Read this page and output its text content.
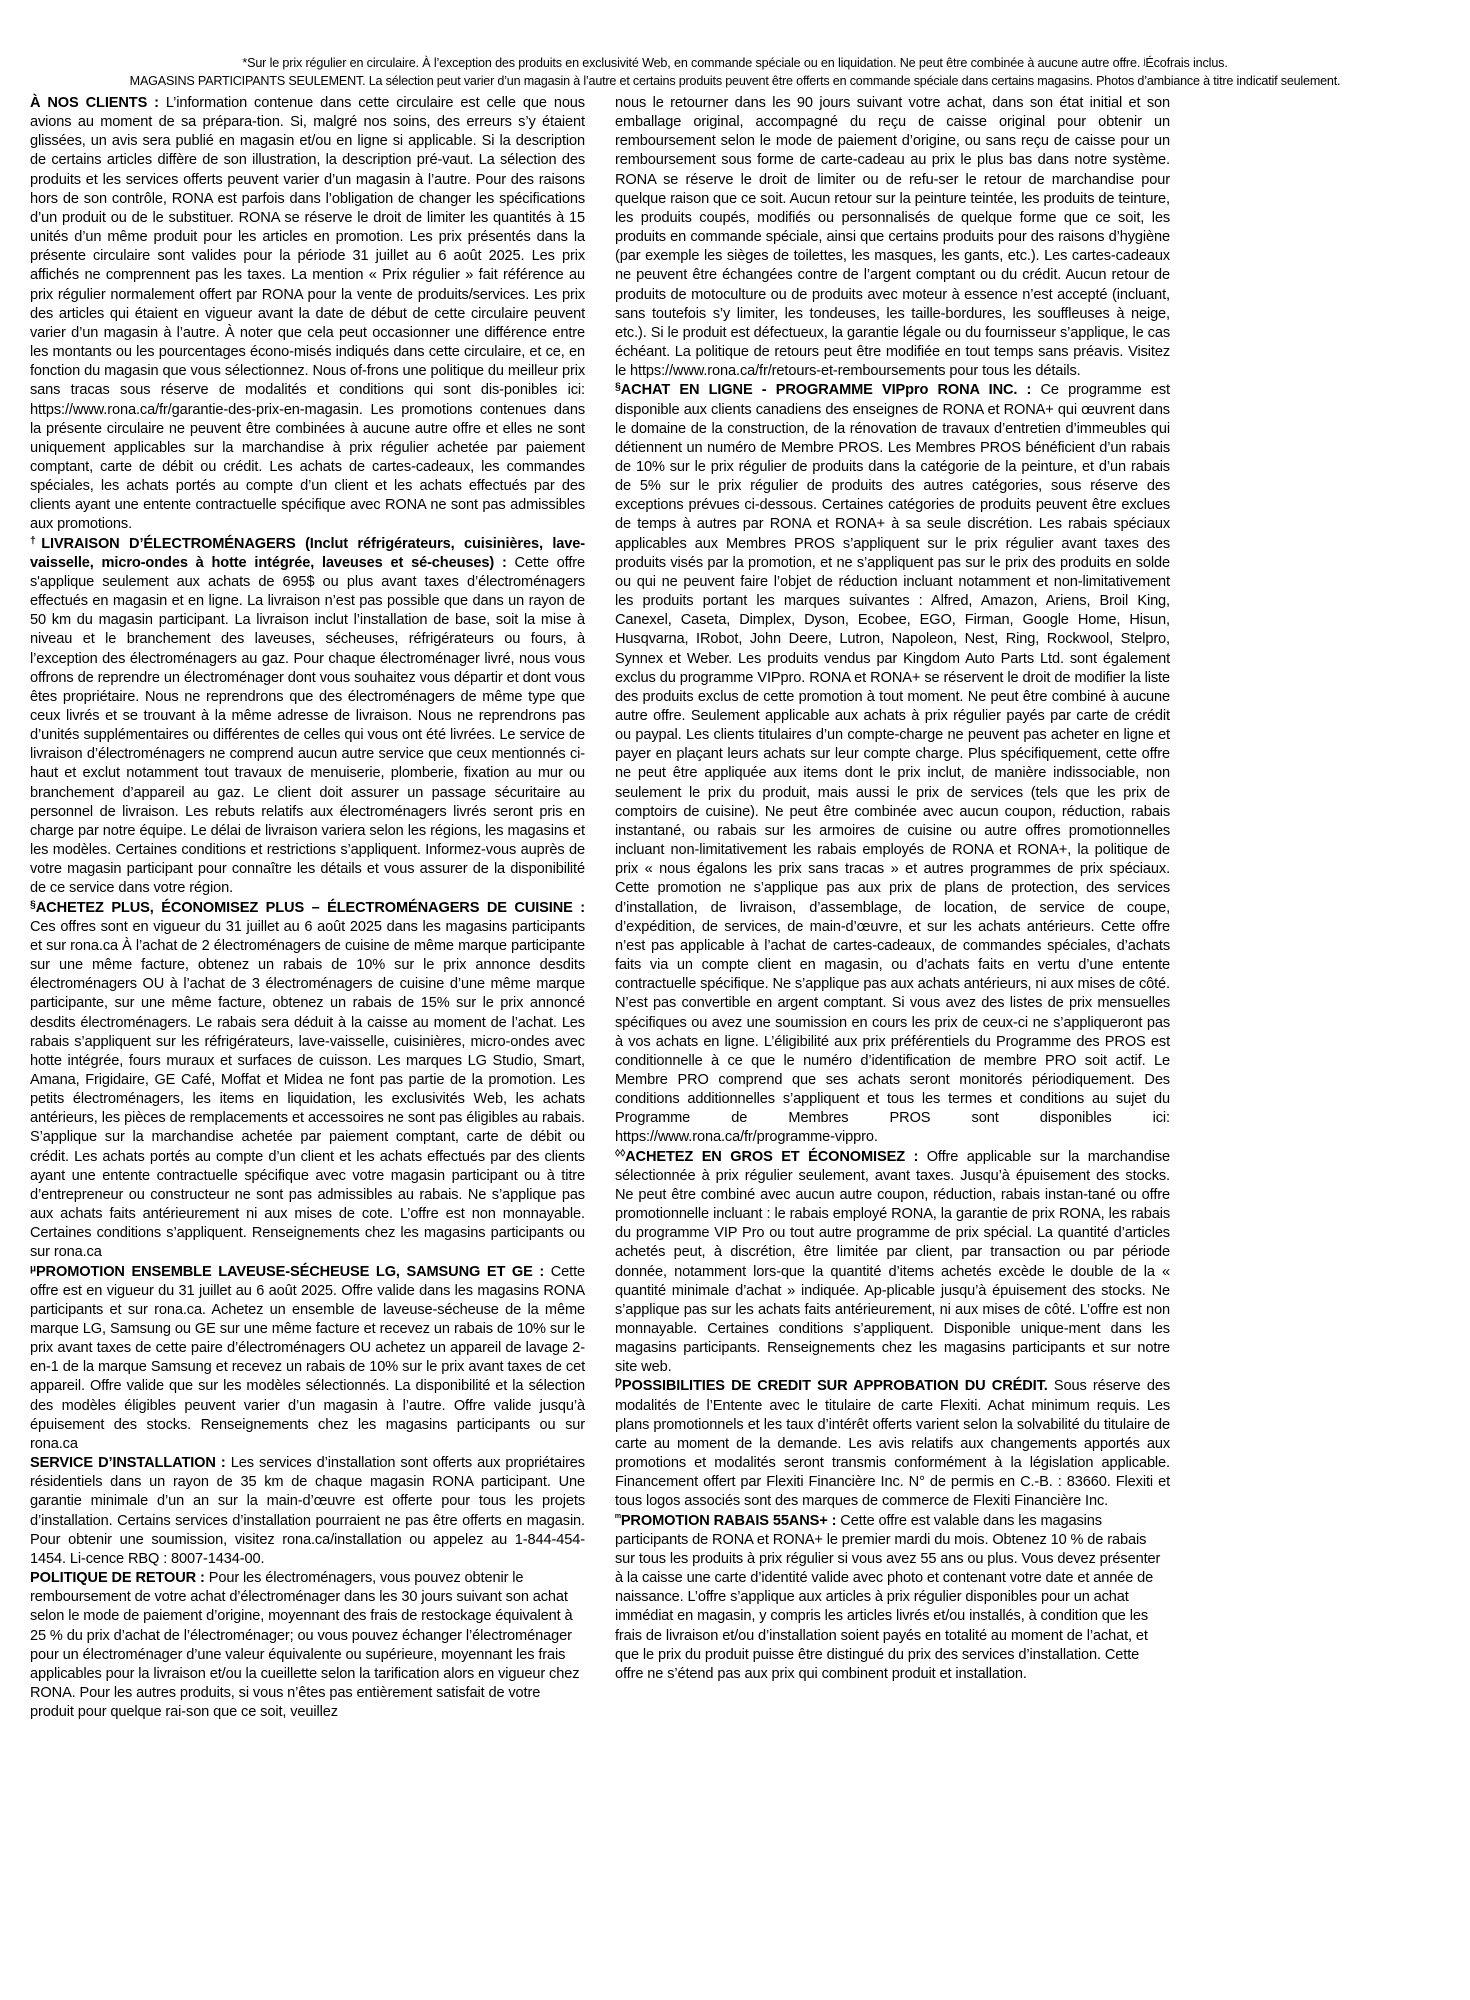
*Sur le prix régulier en circulaire. À l’exception des produits en exclusivité Web, en commande spéciale ou en liquidation. Ne peut être combinée à aucune autre offre. ʲÉcofrais inclus.
MAGASINS PARTICIPANTS SEULEMENT. La sélection peut varier d’un magasin à l’autre et certains produits peuvent être offerts en commande spéciale dans certains magasins. Photos d’ambiance à titre indicatif seulement.

À NOS CLIENTS : L’information contenue dans cette circulaire est celle que nous avions au moment de sa prépara-tion. Si, malgré nos soins, des erreurs s’y étaient glissées, un avis sera publié en magasin et/ou en ligne si applicable. Si la description de certains articles diffère de son illustration, la description pré-vaut. La sélection des produits et les services offerts peuvent varier d’un magasin à l’autre. Pour des raisons hors de son contrôle, RONA est parfois dans l’obligation de changer les spécifications d’un produit ou de le substituer. RONA se réserve le droit de limiter les quantités à 15 unités d’un même produit pour les articles en promotion. Les prix présentés dans la présente circulaire sont valides pour la période 31 juillet au 6 août 2025. Les prix affichés ne comprennent pas les taxes. La mention « Prix régulier » fait référence au prix régulier normalement offert par RONA pour la vente de produits/services. Les prix des articles qui étaient en vigueur avant la date de début de cette circulaire peuvent varier d’un magasin à l’autre. À noter que cela peut occasionner une différence entre les montants ou les pourcentages écono-misés indiqués dans cette circulaire, et ce, en fonction du magasin que vous sélectionnez. Nous of-frons une politique du meilleur prix sans tracas sous réserve de modalités et conditions qui sont dis-ponibles ici: https://www.rona.ca/fr/garantie-des-prix-en-magasin. Les promotions contenues dans la présente circulaire ne peuvent être combinées à aucune autre offre et elles ne sont uniquement applicables sur la marchandise à prix régulier achetée par paiement comptant, carte de débit ou crédit. Les achats de cartes-cadeaux, les commandes spéciales, les achats portés au compte d’un client et les achats effectués par des clients ayant une entente contractuelle spécifique avec RONA ne sont pas admissibles aux promotions.

†LIVRAISON D’ÉLECTROMÉNAGERS (Inclut réfrigérateurs, cuisinières, lave-vaisselle, micro-ondes à hotte intégrée, laveuses et sé-cheuses) : Cette offre s'applique seulement aux achats de 695$ ou plus avant taxes d’électroménagers effectués en magasin et en ligne. La livraison n’est pas possible que dans un rayon de 50 km du magasin participant. La livraison inclut l’installation de base, soit la mise à niveau et le branchement des laveuses, sécheuses, réfrigérateurs ou fours, à l’exception des électroménagers au gaz. Pour chaque électroménager livré, nous vous offrons de reprendre un électroménager dont vous souhaitez vous départir et dont vous êtes propriétaire. Nous ne reprendrons que des électroménagers de même type que ceux livrés et se trouvant à la même adresse de livraison. Nous ne reprendrons pas d’unités supplémentaires ou différentes de celles qui vous ont été livrées. Le service de livraison d’électroménagers ne comprend aucun autre service que ceux mentionnés ci-haut et exclut notamment tout travaux de menuiserie, plomberie, fixation au mur ou branchement d’appareil au gaz. Le client doit assurer un passage sécuritaire au personnel de livraison. Les rebuts relatifs aux électroménagers livrés seront pris en charge par notre équipe. Le délai de livraison variera selon les régions, les magasins et les modèles. Certaines conditions et restrictions s’appliquent. Informez-vous auprès de votre magasin participant pour connaître les détails et vous assurer de la disponibilité de ce service dans votre région.

§ACHETEZ PLUS, ÉCONOMISEZ PLUS – ÉLECTROMÉNAGERS DE CUISINE : Ces offres sont en vigueur du 31 juillet au 6 août 2025 dans les magasins participants et sur rona.ca À l’achat de 2 électroménagers de cuisine de même marque participante sur une même facture, obtenez un rabais de 10% sur le prix annonce desdits électroménagers OU à l’achat de 3 électroménagers de cuisine d’une même marque participante, sur une même facture, obtenez un rabais de 15% sur le prix annoncé desdits électroménagers. Le rabais sera déduit à la caisse au moment de l’achat. Les rabais s’appliquent sur les réfrigérateurs, lave-vaisselle, cuisinières, micro-ondes avec hotte intégrée, fours muraux et surfaces de cuisson. Les marques LG Studio, Smart, Amana, Frigidaire, GE Café, Moffat et Midea ne font pas partie de la promotion. Les petits électroménagers, les items en liquidation, les exclusivités Web, les achats antérieurs, les pièces de remplacements et accessoires ne sont pas éligibles au rabais. S’applique sur la marchandise achetée par paiement comptant, carte de débit ou crédit. Les achats portés au compte d’un client et les achats effectués par des clients ayant une entente contractuelle spécifique avec votre magasin participant ou à titre d’entrepreneur ou constructeur ne sont pas admissibles au rabais. Ne s’applique pas aux achats faits antérieurement ni aux mises de cote. L’offre est non monnayable. Certaines conditions s’appliquent. Renseignements chez les magasins participants ou sur rona.ca

$^\mu$PROMOTION ENSEMBLE LAVEUSE-SÉCHEUSE LG, SAMSUNG ET GE : Cette offre est en vigueur du 31 juillet au 6 août 2025. Offre valide dans les magasins RONA participants et sur rona.ca. Achetez un ensemble de laveuse-sécheuse de la même marque LG, Samsung ou GE sur une même facture et recevez un rabais de 10% sur le prix avant taxes de cette paire d’électroménagers OU achetez un appareil de lavage 2-en-1 de la marque Samsung et recevez un rabais de 10% sur le prix avant taxes de cet appareil. Offre valide que sur les modèles sélectionnés. La disponibilité et la sélection des modèles éligibles peuvent varier d’un magasin à l’autre. Offre valide jusqu’à épuisement des stocks. Renseignements chez les magasins participants ou sur rona.ca

SERVICE D’INSTALLATION : Les services d’installation sont offerts aux propriétaires résidentiels dans un rayon de 35 km de chaque magasin RONA participant. Une garantie minimale d’un an sur la main-d’œuvre est offerte pour tous les projets d’installation. Certains services d’installation pourraient ne pas être offerts en magasin. Pour obtenir une soumission, visitez rona.ca/installation ou appelez au 1-844-454-1454. Li-cence RBQ : 8007-1434-00.

POLITIQUE DE RETOUR : Pour les électroménagers, vous pouvez obtenir le remboursement de votre achat d’électroménager dans les 30 jours suivant son achat selon le mode de paiement d’origine, moyennant des frais de restockage équivalent à 25 % du prix d’achat de l’électroménager; ou vous pouvez échanger l’électroménager pour un électroménager d’une valeur équivalente ou supérieure, moyennant les frais applicables pour la livraison et/ou la cueillette selon la tarification alors en vigueur chez RONA. Pour les autres produits, si vous n’êtes pas entièrement satisfait de votre produit pour quelque rai-son que ce soit, veuillez

nous le retourner dans les 90 jours suivant votre achat, dans son état initial et son emballage original, accompagné du reçu de caisse original pour obtenir un remboursement selon le mode de paiement d’origine, ou sans reçu de caisse pour un remboursement sous forme de carte-cadeau au prix le plus bas dans notre système. RONA se réserve le droit de limiter ou de refu-ser le retour de marchandise pour quelque raison que ce soit. Aucun retour sur la peinture teintée, les produits de teinture, les produits coupés, modifiés ou personnalisés de quelque forme que ce soit, les produits en commande spéciale, ainsi que certains produits pour des raisons d’hygiène (par exemple les sièges de toilettes, les masques, les gants, etc.). Les cartes-cadeaux ne peuvent être échangées contre de l’argent comptant ou du crédit. Aucun retour de produits de motoculture ou de produits avec moteur à essence n’est accepté (incluant, sans toutefois s’y limiter, les tondeuses, les taille-bordures, les souffleuses à neige, etc.). Si le produit est défectueux, la garantie légale ou du fournisseur s’applique, le cas échéant. La politique de retours peut être modifiée en tout temps sans préavis. Visitez le https://www.rona.ca/fr/retours-et-remboursements pour tous les détails.

§ACHAT EN LIGNE - PROGRAMME VIPpro RONA INC. : Ce programme est disponible aux clients canadiens des enseignes de RONA et RONA+ qui œuvrent dans le domaine de la construction, de la rénovation de travaux d’entretien d’immeubles qui détiennent un numéro de Membre PROS. Les Membres PROS bénéficient d’un rabais de 10% sur le prix régulier de produits dans la catégorie de la peinture, et d’un rabais de 5% sur le prix régulier de produits des autres catégories, sous réserve des exceptions prévues ci-dessous. Certaines catégories de produits peuvent être exclues de temps à autres par RONA et RONA+ à sa seule discrétion. Les rabais spéciaux applicables aux Membres PROS s’appliquent sur le prix régulier avant taxes des produits visés par la promotion, et ne s’appliquent pas sur le prix des produits en solde ou qui ne peuvent faire l’objet de réduction incluant notamment et non-limitativement les produits portant les marques suivantes : Alfred, Amazon, Ariens, Broil King, Canexel, Caseta, Dimplex, Dyson, Ecobee, EGO, Firman, Google Home, Hisun, Husqvarna, IRobot, John Deere, Lutron, Napoleon, Nest, Ring, Rockwool, Stelpro, Synnex et Weber. Les produits vendus par Kingdom Auto Parts Ltd. sont également exclus du programme VIPpro. RONA et RONA+ se réservent le droit de modifier la liste des produits exclus de cette promotion à tout moment. Ne peut être combiné à aucune autre offre. Seulement applicable aux achats à prix régulier payés par carte de crédit ou paypal. Les clients titulaires d’un compte-charge ne peuvent pas acheter en ligne et payer en plaçant leurs achats sur leur compte charge. Plus spécifiquement, cette offre ne peut être appliquée aux items dont le prix inclut, de manière indissociable, non seulement le prix du produit, mais aussi le prix de services (tels que les prix de comptoirs de cuisine). Ne peut être combinée avec aucun coupon, réduction, rabais instantané, ou rabais sur les armoires de cuisine ou autre offres promotionnelles incluant non-limitativement les rabais employés de RONA et RONA+, la politique de prix « nous égalons les prix sans tracas » et autres programmes de prix spéciaux. Cette promotion ne s’applique pas aux prix de plans de protection, des services d’installation, de livraison, d’assemblage, de location, de service de coupe, d’expédition, de services, de main-d’œuvre, et sur les achats antérieurs. Cette offre n’est pas applicable à l’achat de cartes-cadeaux, de commandes spéciales, d’achats faits via un compte client en magasin, ou d’achats faits en vertu d’une entente contractuelle spécifique. Ne s’applique pas aux achats antérieurs, ni aux mises de côté. N’est pas convertible en argent comptant. Si vous avez des listes de prix mensuelles spécifiques ou avez une soumission en cours les prix de ceux-ci ne s’appliqueront pas à vos achats en ligne. L’éligibilité aux prix préférentiels du Programme des PROS est conditionnelle à ce que le numéro d’identification de membre PRO soit actif. Le Membre PRO comprend que ses achats seront monitorés périodiquement. Des conditions additionnelles s’appliquent et tous les termes et conditions au sujet du Programme de Membres PROS sont disponibles ici: https://www.rona.ca/fr/programme-vippro.

◊◊ACHETEZ EN GROS ET ÉCONOMISEZ : Offre applicable sur la marchandise sélectionnée à prix régulier seulement, avant taxes. Jusqu’à épuisement des stocks. Ne peut être combiné avec aucun autre coupon, réduction, rabais instan-tané ou offre promotionnelle incluant : le rabais employé RONA, la garantie de prix RONA, les rabais du programme VIP Pro ou tout autre programme de prix spécial. La quantité d’articles achetés peut, à discrétion, être limitée par client, par transaction ou par période donnée, notamment lors-que la quantité d’items achetés excède le double de la « quantité minimale d’achat » indiquée. Ap-plicable jusqu’à épuisement des stocks. Ne s’applique pas sur les achats faits antérieurement, ni aux mises de côté. L’offre est non monnayable. Certaines conditions s’appliquent. Disponible unique-ment dans les magasins participants. Renseignements chez les magasins participants et sur notre site web.

$^Ƿ$POSSIBILITIES DE CREDIT SUR APPROBATION DU CRÉDIT. Sous réserve des modalités de l’Entente avec le titulaire de carte Flexiti. Achat minimum requis. Les plans promotionnels et les taux d’intérêt offerts varient selon la solvabilité du titulaire de carte au moment de la demande. Les avis relatifs aux changements apportés aux promotions et modalités seront transmis conformément à la législation applicable. Financement offert par Flexiti Financière Inc. N° de permis en C.-B. : 83660. Flexiti et tous logos associés sont des marques de commerce de Flexiti Financière Inc.

$^ᵐ$PROMOTION RABAIS 55ANS+ : Cette offre est valable dans les magasins participants de RONA et RONA+ le premier mardi du mois. Obtenez 10 % de rabais sur tous les produits à prix régulier si vous avez 55 ans ou plus. Vous devez présenter à la caisse une carte d’identité valide avec photo et contenant votre date et année de naissance. L’offre s’applique aux articles à prix régulier disponibles pour un achat immédiat en magasin, y compris les articles livrés et/ou installés, à condition que les frais de livraison et/ou d’installation soient payés en totalité au moment de l’achat, et que le prix du produit puisse être distingué du prix des services d’installation. Cette offre ne s’étend pas aux prix qui combinent produit et installation.
